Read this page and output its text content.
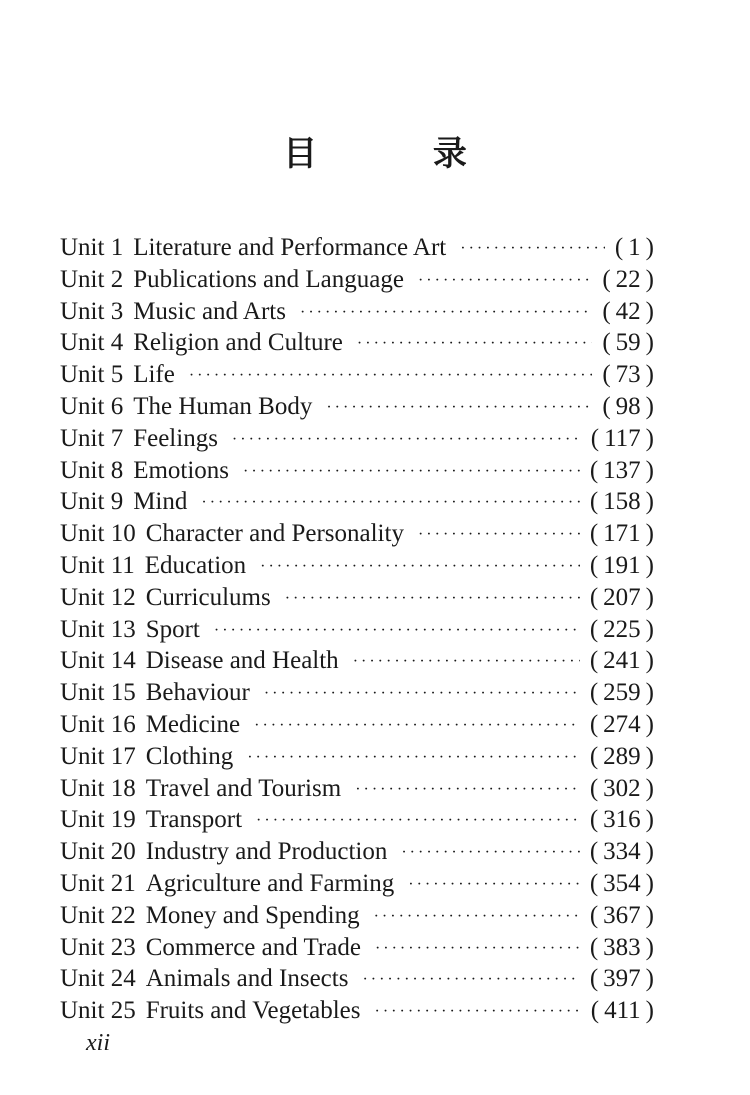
目 录
Unit 1 Literature and Performance Art ·····	( 1 )
Unit 2 Publications and Language ·····	( 22 )
Unit 3 Music and Arts ·····	( 42 )
Unit 4 Religion and Culture ·····	( 59 )
Unit 5 Life ·····	( 73 )
Unit 6 The Human Body ·····	( 98 )
Unit 7 Feelings ·····	( 117 )
Unit 8 Emotions ·····	( 137 )
Unit 9 Mind ·····	( 158 )
Unit 10 Character and Personality ·····	( 171 )
Unit 11 Education ·····	( 191 )
Unit 12 Curriculums ·····	( 207 )
Unit 13 Sport ·····	( 225 )
Unit 14 Disease and Health ·····	( 241 )
Unit 15 Behaviour ·····	( 259 )
Unit 16 Medicine ·····	( 274 )
Unit 17 Clothing ·····	( 289 )
Unit 18 Travel and Tourism ·····	( 302 )
Unit 19 Transport ·····	( 316 )
Unit 20 Industry and Production ·····	( 334 )
Unit 21 Agriculture and Farming ·····	( 354 )
Unit 22 Money and Spending ·····	( 367 )
Unit 23 Commerce and Trade ·····	( 383 )
Unit 24 Animals and Insects ·····	( 397 )
Unit 25 Fruits and Vegetables ·····	( 411 )

xii
